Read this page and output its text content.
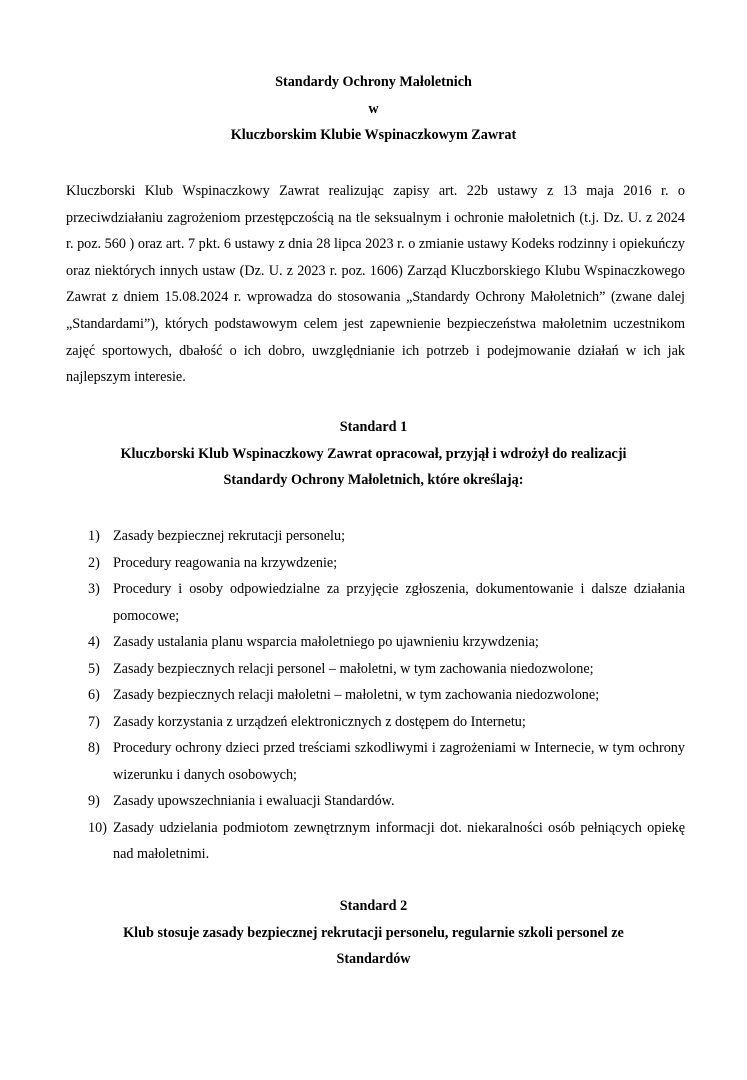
Standardy Ochrony Małoletnich
w
Kluczborskim Klubie Wspinaczkowym Zawrat

Kluczborski Klub Wspinaczkowy Zawrat realizując zapisy art. 22b ustawy z 13 maja 2016 r. o przeciwdziałaniu zagrożeniom przestępczością na tle seksualnym i ochronie małoletnich (t.j. Dz. U. z 2024 r. poz. 560 ) oraz art. 7 pkt. 6 ustawy z dnia 28 lipca 2023 r. o zmianie ustawy Kodeks rodzinny i opiekuńczy oraz niektórych innych ustaw (Dz. U. z 2023 r. poz. 1606) Zarząd Kluczborskiego Klubu Wspinaczkowego Zawrat z dniem 15.08.2024 r. wprowadza do stosowania „Standardy Ochrony Małoletnich” (zwane dalej „Standardami”), których podstawowym celem jest zapewnienie bezpieczeństwa małoletnim uczestnikom zajęć sportowych, dbałość o ich dobro, uwzględnianie ich potrzeb i podejmowanie działań w ich jak najlepszym interesie.

Standard 1
Kluczborski Klub Wspinaczkowy Zawrat opracował, przyjął i wdrożył do realizacji
Standardy Ochrony Małoletnich, które określają:
1) Zasady bezpiecznej rekrutacji personelu;
2) Procedury reagowania na krzywdzenie;
3) Procedury i osoby odpowiedzialne za przyjęcie zgłoszenia, dokumentowanie i dalsze działania pomocowe;
4) Zasady ustalania planu wsparcia małoletniego po ujawnieniu krzywdzenia;
5) Zasady bezpiecznych relacji personel – małoletni, w tym zachowania niedozwolone;
6) Zasady bezpiecznych relacji małoletni – małoletni, w tym zachowania niedozwolone;
7) Zasady korzystania z urządzeń elektronicznych z dostępem do Internetu;
8) Procedury ochrony dzieci przed treściami szkodliwymi i zagrożeniami w Internecie, w tym ochrony wizerunku i danych osobowych;
9) Zasady upowszechniania i ewaluacji Standardów.
10) Zasady udzielania podmiotom zewnętrznym informacji dot. niekaralności osób pełniących opiekę nad małoletnimi.
Standard 2
Klub stosuje zasady bezpiecznej rekrutacji personelu, regularnie szkoli personel ze
Standardów
